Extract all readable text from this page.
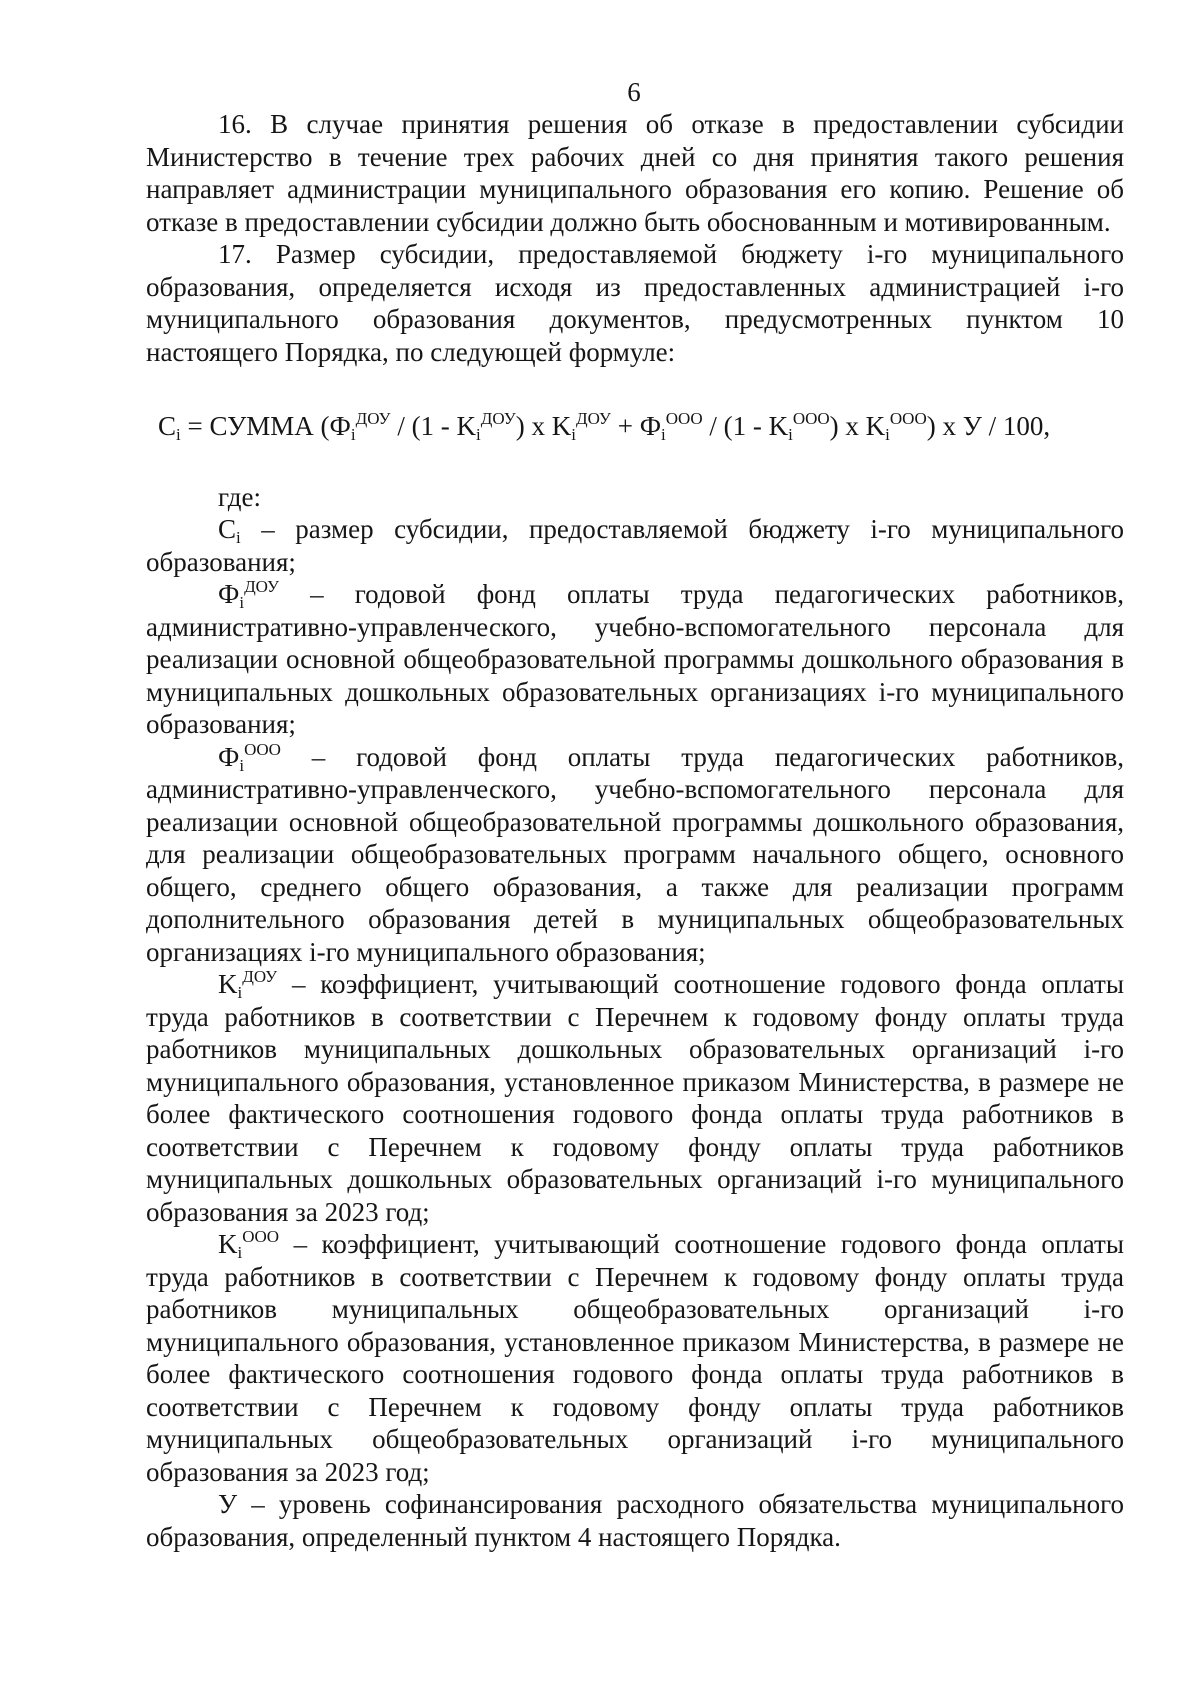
6

16. В случае принятия решения об отказе в предоставлении субсидии Министерство в течение трех рабочих дней со дня принятия такого решения направляет администрации муниципального образования его копию. Решение об отказе в предоставлении субсидии должно быть обоснованным и мотивированным.

17. Размер субсидии, предоставляемой бюджету i-го муниципального образования, определяется исходя из предоставленных администрацией i-го муниципального образования документов, предусмотренных пунктом 10 настоящего Порядка, по следующей формуле:

$C_i$ = СУММА ($Ф_i^{ДОУ} / (1 - K_i^{ДОУ})$ x $K_i^{ДОУ} + Ф_i^{ООО} / (1 - K_i^{ООО})$ x $K_i^{ООО}$) x У / 100,

где:

$C_i$ – размер субсидии, предоставляемой бюджету i-го муниципального образования;

$Ф_i^{ДОУ}$ – годовой фонд оплаты труда педагогических работников, административно-управленческого, учебно-вспомогательного персонала для реализации основной общеобразовательной программы дошкольного образования в муниципальных дошкольных образовательных организациях i-го муниципального образования;

$Ф_i^{ООО}$ – годовой фонд оплаты труда педагогических работников, административно-управленческого, учебно-вспомогательного персонала для реализации основной общеобразовательной программы дошкольного образования, для реализации общеобразовательных программ начального общего, основного общего, среднего общего образования, а также для реализации программ дополнительного образования детей в муниципальных общеобразовательных организациях i-го муниципального образования;

$K_i^{ДОУ}$ – коэффициент, учитывающий соотношение годового фонда оплаты труда работников в соответствии с Перечнем к годовому фонду оплаты труда работников муниципальных дошкольных образовательных организаций i-го муниципального образования, установленное приказом Министерства, в размере не более фактического соотношения годового фонда оплаты труда работников в соответствии с Перечнем к годовому фонду оплаты труда работников муниципальных дошкольных образовательных организаций i-го муниципального образования за 2023 год;

$K_i^{ООО}$ – коэффициент, учитывающий соотношение годового фонда оплаты труда работников в соответствии с Перечнем к годовому фонду оплаты труда работников муниципальных общеобразовательных организаций i-го муниципального образования, установленное приказом Министерства, в размере не более фактического соотношения годового фонда оплаты труда работников в соответствии с Перечнем к годовому фонду оплаты труда работников муниципальных общеобразовательных организаций i-го муниципального образования за 2023 год;

У – уровень софинансирования расходного обязательства муниципального образования, определенный пунктом 4 настоящего Порядка.
